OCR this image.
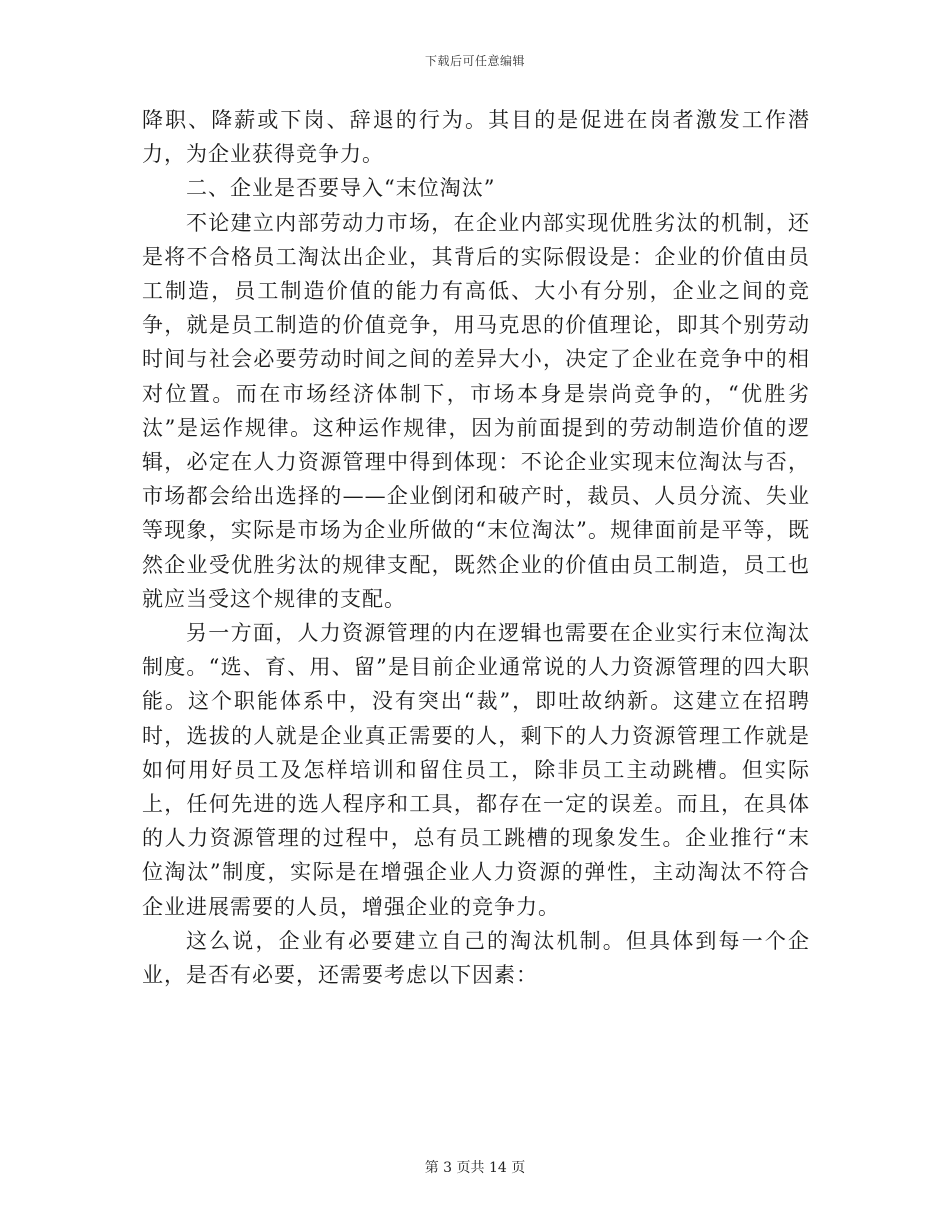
下载后可任意编辑

降职、降薪或下岗、辞退的行为。其目的是促进在岗者激发工作潜力，为企业获得竞争力。

二、企业是否要导入“末位淘汰”

不论建立内部劳动力市场，在企业内部实现优胜劣汰的机制，还是将不合格员工淘汰出企业，其背后的实际假设是：企业的价值由员工制造，员工制造价值的能力有高低、大小有分别，企业之间的竞争，就是员工制造的价值竞争，用马克思的价值理论，即其个别劳动时间与社会必要劳动时间之间的差异大小，决定了企业在竞争中的相对位置。而在市场经济体制下，市场本身是崇尚竞争的，“优胜劣汰”是运作规律。这种运作规律，因为前面提到的劳动制造价值的逻辑，必定在人力资源管理中得到体现：不论企业实现末位淘汰与否，市场都会给出选择的——企业倒闭和破产时，裁员、人员分流、失业等现象，实际是市场为企业所做的“末位淘汰”。规律面前是平等，既然企业受优胜劣汰的规律支配，既然企业的价值由员工制造，员工也就应当受这个规律的支配。

另一方面，人力资源管理的内在逻辑也需要在企业实行末位淘汰制度。“选、育、用、留”是目前企业通常说的人力资源管理的四大职能。这个职能体系中，没有突出“裁”，即吐故纳新。这建立在招聘时，选拔的人就是企业真正需要的人，剩下的人力资源管理工作就是如何用好员工及怎样培训和留住员工，除非员工主动跳槽。但实际上，任何先进的选人程序和工具，都存在一定的误差。而且，在具体的人力资源管理的过程中，总有员工跳槽的现象发生。企业推行“末位淘汰”制度，实际是在增强企业人力资源的弹性，主动淘汰不符合企业进展需要的人员，增强企业的竞争力。

这么说，企业有必要建立自己的淘汰机制。但具体到每一个企业，是否有必要，还需要考虑以下因素：

第 3 页共 14 页
